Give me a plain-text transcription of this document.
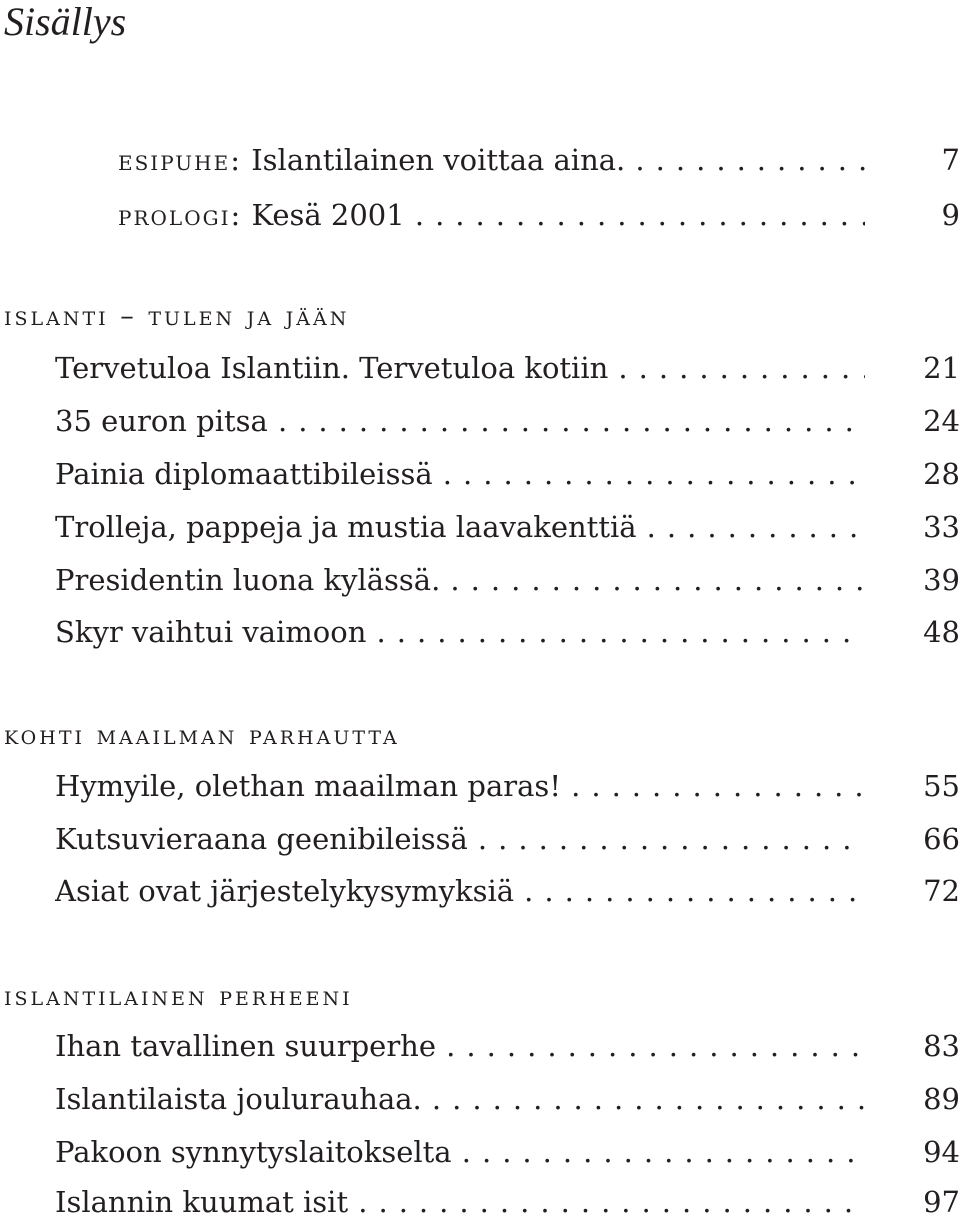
Sisällys
esipuhe: Islantilainen voittaa aina. . . .	7
prologi: Kesä 2001 . . .	9
islanti – tulen ja jään
Tervetuloa Islantiin. Tervetuloa kotiin . . .	21
35 euron pitsa . . .	24
Painia diplomaattibileissä . . .	28
Trolleja, pappeja ja mustia laavakenttiä . . .	33
Presidentin luona kylässä. . . .	39
Skyr vaihtui vaimoon . . .	48
kohti maailman parhautta
Hymyile, olethan maailman paras! . . .	55
Kutsuvieraana geenibileissä . . .	66
Asiat ovat järjestelykysymyksiä . . .	72
islantilainen perheeni
Ihan tavallinen suurperhe . . .	83
Islantilaista joulurauhaa. . . .	89
Pakoon synnytyslaitokselta . . .	94
Islannin kuumat isit . . .	97
